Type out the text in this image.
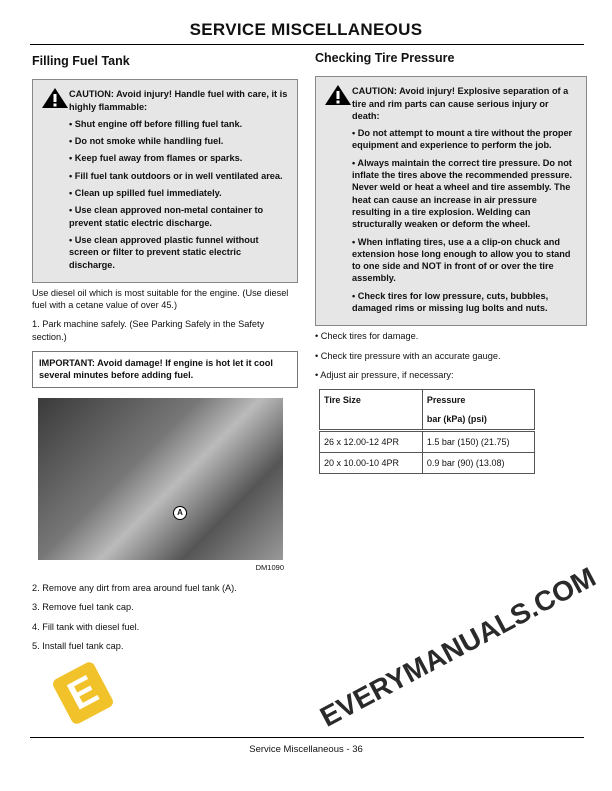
SERVICE MISCELLANEOUS
Filling Fuel Tank

CAUTION: Avoid injury! Handle fuel with care, it is highly flammable:

• Shut engine off before filling fuel tank.

• Do not smoke while handling fuel.

• Keep fuel away from flames or sparks.

• Fill fuel tank outdoors or in well ventilated area.

• Clean up spilled fuel immediately.

• Use clean approved non-metal container to prevent static electric discharge.

• Use clean approved plastic funnel without screen or filter to prevent static electric discharge.

Use diesel oil which is most suitable for the engine. (Use diesel fuel with a cetane value of over 45.)

1. Park machine safely. (See Parking Safely in the Safety section.)

IMPORTANT: Avoid damage! If engine is hot let it cool several minutes before adding fuel.
A
DM1090

2. Remove any dirt from area around fuel tank (A).

3. Remove fuel tank cap.

4. Fill tank with diesel fuel.

5. Install fuel tank cap.

Checking Tire Pressure

CAUTION: Avoid injury! Explosive separation of a tire and rim parts can cause serious injury or death:

• Do not attempt to mount a tire without the proper equipment and experience to perform the job.

• Always maintain the correct tire pressure. Do not inflate the tires above the recommended pressure. Never weld or heat a wheel and tire assembly. The heat can cause an increase in air pressure resulting in a tire explosion. Welding can structurally weaken or deform the wheel.

• When inflating tires, use a a clip-on chuck and extension hose long enough to allow you to stand to one side and NOT in front of or over the tire assembly.

• Check tires for low pressure, cuts, bubbles, damaged rims or missing lug bolts and nuts.

• Check tires for damage.

• Check tire pressure with an accurate gauge.

• Adjust air pressure, if necessary:

Tire Size	Pressure
bar (kPa) (psi)

26 x 12.00-12 4PR	1.5 bar (150) (21.75)
20 x 10.00-10 4PR	0.9 bar (90) (13.08)
E	EVERYMANUALS.COM
Service Miscellaneous - 36
